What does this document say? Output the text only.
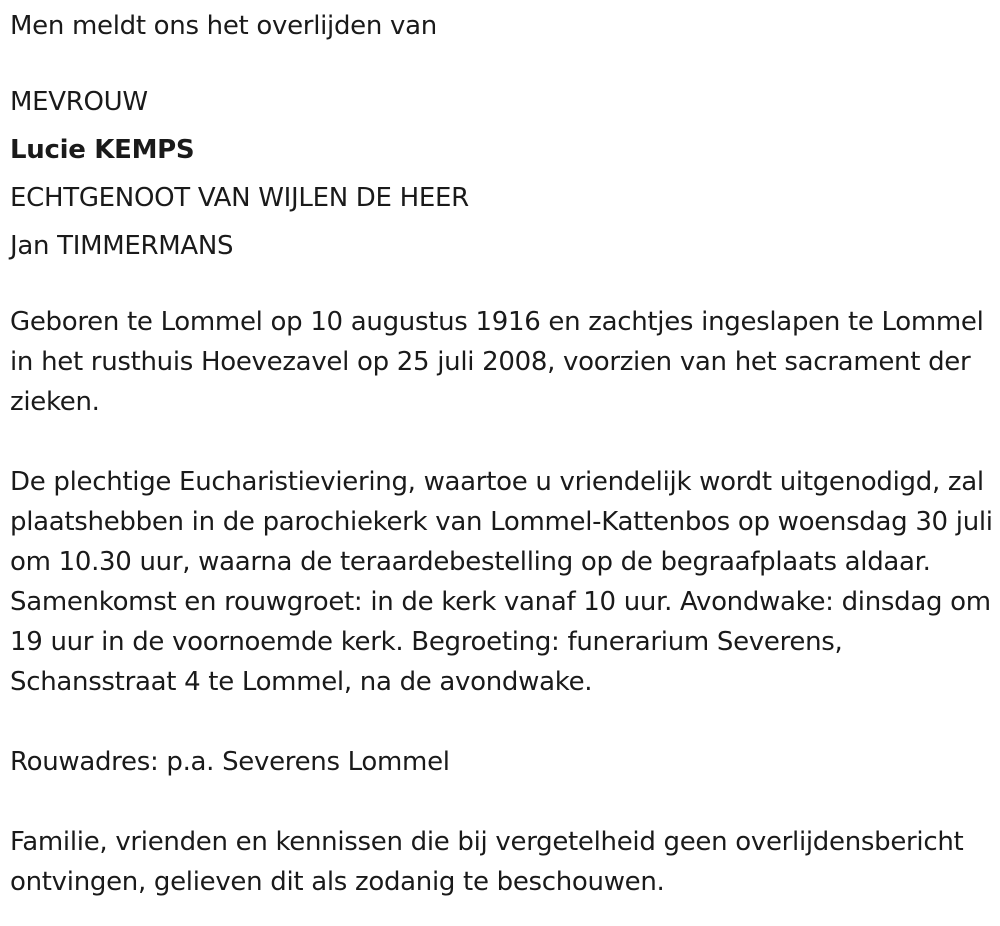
Men meldt ons het overlijden van
MEVROUW
Lucie KEMPS
ECHTGENOOT VAN WIJLEN DE HEER
Jan TIMMERMANS

Geboren te Lommel op 10 augustus 1916 en zachtjes ingeslapen te Lommel in het rusthuis Hoevezavel op 25 juli 2008, voorzien van het sacrament der zieken.

De plechtige Eucharistieviering, waartoe u vriendelijk wordt uitgenodigd, zal plaatshebben in de parochiekerk van Lommel-Kattenbos op woensdag 30 juli om 10.30 uur, waarna de teraardebestelling op de begraafplaats aldaar. Samenkomst en rouwgroet: in de kerk vanaf 10 uur. Avondwake: dinsdag om 19 uur in de voornoemde kerk. Begroeting: funerarium Severens, Schansstraat 4 te Lommel, na de avondwake.

Rouwadres: p.a. Severens Lommel

Familie, vrienden en kennissen die bij vergetelheid geen overlijdensbericht ontvingen, gelieven dit als zodanig te beschouwen.
